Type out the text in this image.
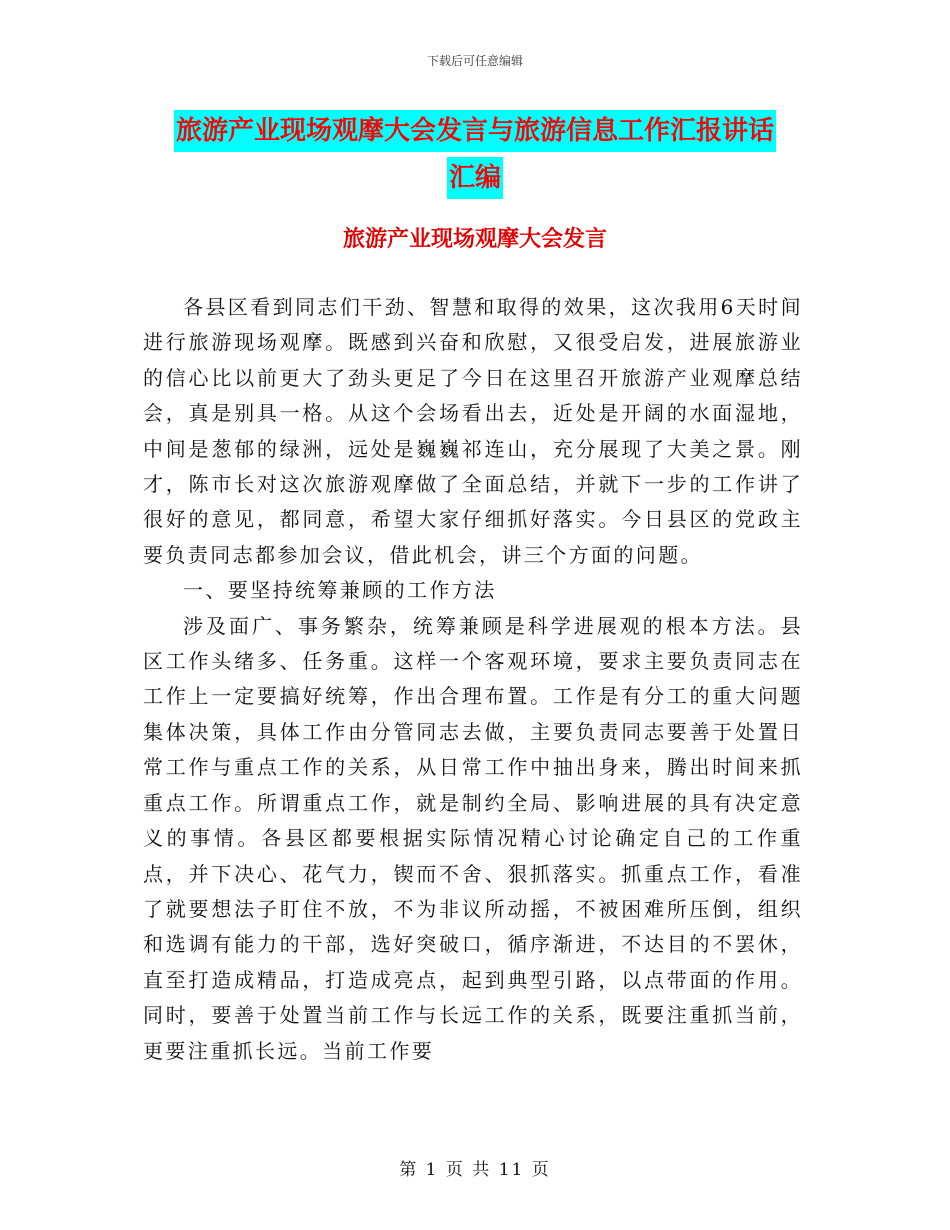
下载后可任意编辑
旅游产业现场观摩大会发言与旅游信息工作汇报讲话
汇编
旅游产业现场观摩大会发言

各县区看到同志们干劲、智慧和取得的效果，这次我用6天时间进行旅游现场观摩。既感到兴奋和欣慰，又很受启发，进展旅游业的信心比以前更大了劲头更足了今日在这里召开旅游产业观摩总结会，真是别具一格。从这个会场看出去，近处是开阔的水面湿地，中间是葱郁的绿洲，远处是巍巍祁连山，充分展现了大美之景。刚才，陈市长对这次旅游观摩做了全面总结，并就下一步的工作讲了很好的意见，都同意，希望大家仔细抓好落实。今日县区的党政主要负责同志都参加会议，借此机会，讲三个方面的问题。

一、要坚持统筹兼顾的工作方法

涉及面广、事务繁杂，统筹兼顾是科学进展观的根本方法。县区工作头绪多、任务重。这样一个客观环境，要求主要负责同志在工作上一定要搞好统筹，作出合理布置。工作是有分工的重大问题集体决策，具体工作由分管同志去做，主要负责同志要善于处置日常工作与重点工作的关系，从日常工作中抽出身来，腾出时间来抓重点工作。所谓重点工作，就是制约全局、影响进展的具有决定意义的事情。各县区都要根据实际情况精心讨论确定自己的工作重点，并下决心、花气力，锲而不舍、狠抓落实。抓重点工作，看准了就要想法子盯住不放，不为非议所动摇，不被困难所压倒，组织和选调有能力的干部，选好突破口，循序渐进，不达目的不罢休，直至打造成精品，打造成亮点，起到典型引路，以点带面的作用。同时，要善于处置当前工作与长远工作的关系，既要注重抓当前，更要注重抓长远。当前工作要

第 1 页 共 11 页
